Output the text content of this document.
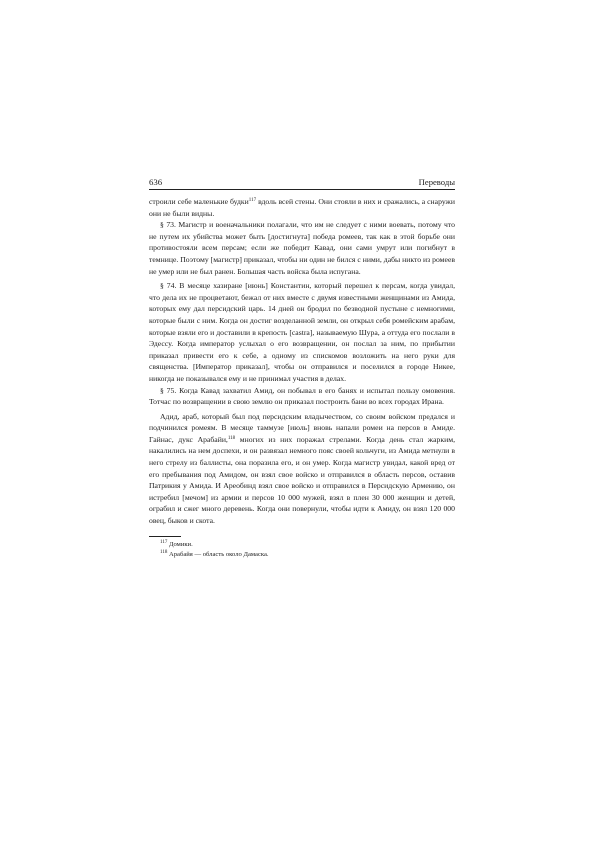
636	Переводы

строили себе маленькие будки$^{117}$ вдоль всей стены. Они стояли в них и сражались, а снаружи они не были видны.

§ 73. Магистр и военачальники полагали, что им не следует с ними воевать, потому что не путем их убийства может быть [достигнута] победа ромеев, так как в этой борьбе они противостояли всем персам; если же победит Кавад, они сами умрут или погибнут в темнице. Поэтому [магистр] приказал, чтобы ни один не бился с ними, дабы никто из ромеев не умер или не был ранен. Большая часть войска была испугана.

§ 74. В месяце хазиране [июнь] Константин, который перешел к персам, когда увидал, что дела их не процветают, бежал от них вместе с двумя известными женщинами из Амида, которых ему дал персидский царь. 14 дней он бродил по безводной пустыне с немногими, которые были с ним. Когда он достиг возделанной земли, он открыл себя ромейским арабам, которые взяли его и доставили в крепость [castra], называемую Шура, а оттуда его послали в Эдессу. Когда император услыхал о его возвращении, он послал за ним, по прибытии приказал привести его к себе, а одному из спискомов возложить на него руки для священства. [Император приказал], чтобы он отправился и поселился в городе Никее, никогда не показывался ему и не принимал участия в делах.

§ 75. Когда Кавад захватил Амид, он побывал в его банях и испытал пользу омовения. Тотчас по возвращении в свою землю он приказал построить бани во всех городах Ирана.

Адид, араб, который был под персидским владычеством, со своим войском предался и подчинился ромеям. В месяце таммузе [июль] вновь напали ромеи на персов в Амиде. Гайнас, дукс Арабайи,$^{118}$ многих из них поражал стрелами. Когда день стал жарким, накалились на нем доспехи, и он развязал немного пояс своей кольчуги, из Амида метнули в него стрелу из баллисты, она поразила его, и он умер. Когда магистр увидал, какой вред от его пребывания под Амидом, он взял свое войско и отправился в область персов, оставив Патрикия у Амида. И Ареобинд взял свое войско и отправился в Персидскую Армению, он истребил [мечом] из армии и персов 10 000 мужей, взял в плен 30 000 женщин и детей, ограбил и сжег много деревень. Когда они повернули, чтобы идти к Амиду, он взял 120 000 овец, быков и скота.

$^{117}$ Домики.

$^{118}$ Арабайя — область около Дамаска.
